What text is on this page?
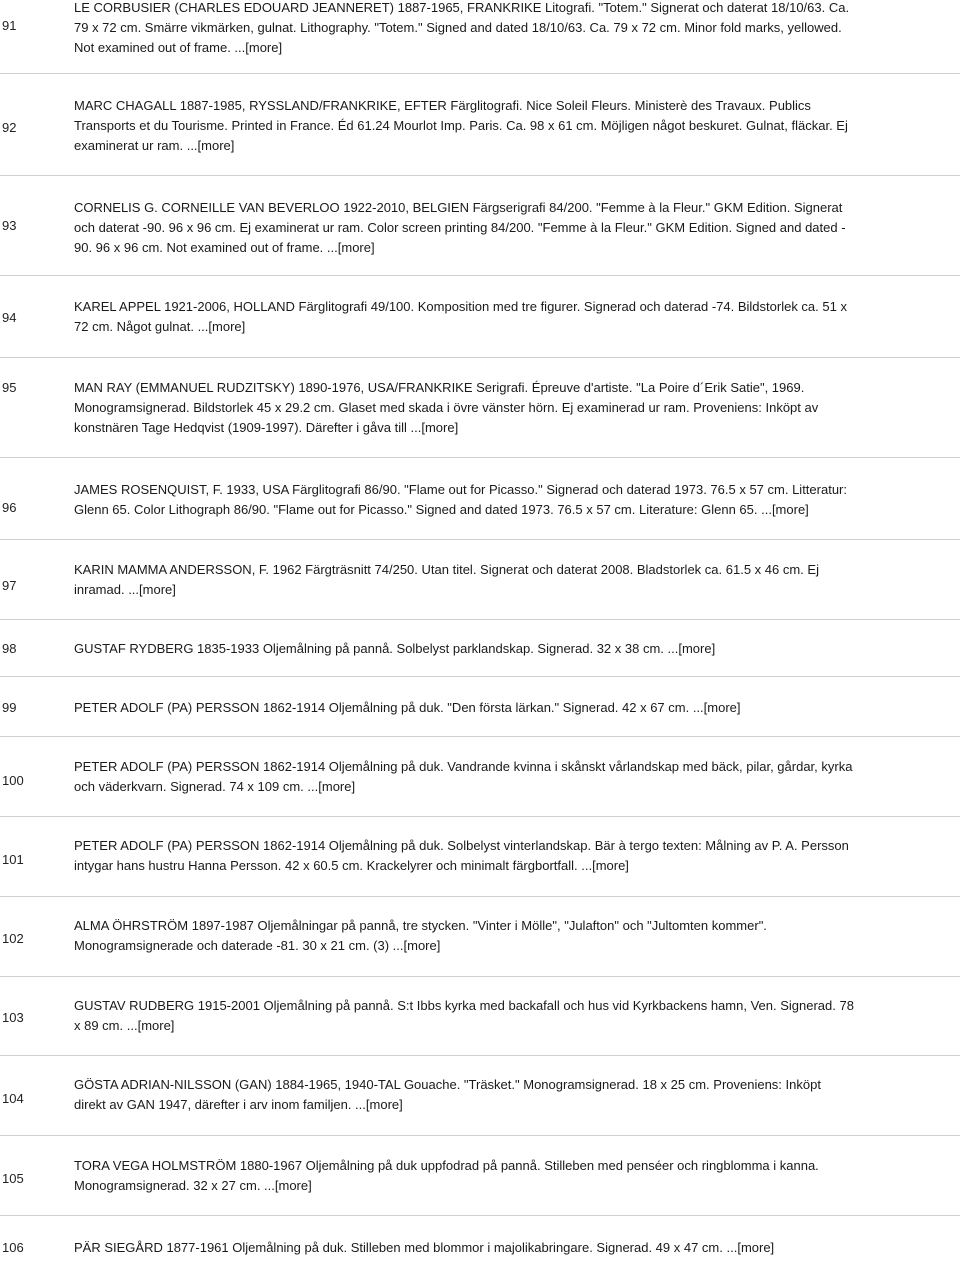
91
LE CORBUSIER (CHARLES EDOUARD JEANNERET) 1887-1965, FRANKRIKE Litografi. "Totem." Signerat och daterat 18/10/63. Ca.
79 x 72 cm. Smärre vikmärken, gulnat. Lithography. "Totem." Signed and dated 18/10/63. Ca. 79 x 72 cm. Minor fold marks, yellowed.
Not examined out of frame. ...[more]
92
MARC CHAGALL 1887-1985, RYSSLAND/FRANKRIKE, EFTER Färglitografi. Nice Soleil Fleurs. Ministerè des Travaux. Publics
Transports et du Tourisme. Printed in France. Éd 61.24 Mourlot Imp. Paris. Ca. 98 x 61 cm. Möjligen något beskuret. Gulnat, fläckar. Ej
examinerat ur ram. ...[more]
93
CORNELIS G. CORNEILLE VAN BEVERLOO 1922-2010, BELGIEN Färgserigrafi 84/200. "Femme à la Fleur." GKM Edition. Signerat
och daterat -90. 96 x 96 cm. Ej examinerat ur ram. Color screen printing 84/200. "Femme à la Fleur." GKM Edition. Signed and dated -
90. 96 x 96 cm. Not examined out of frame. ...[more]
94
KAREL APPEL 1921-2006, HOLLAND Färglitografi 49/100. Komposition med tre figurer. Signerad och daterad -74. Bildstorlek ca. 51 x
72 cm. Något gulnat. ...[more]
95	MAN RAY (EMMANUEL RUDZITSKY) 1890-1976, USA/FRANKRIKE Serigrafi. Épreuve d'artiste. "La Poire d´Erik Satie", 1969.
Monogramsignerad. Bildstorlek 45 x 29.2 cm. Glaset med skada i övre vänster hörn. Ej examinerad ur ram. Proveniens: Inköpt av
konstnären Tage Hedqvist (1909-1997). Därefter i gåva till ...[more]
96
JAMES ROSENQUIST, F. 1933, USA Färglitografi 86/90. "Flame out for Picasso." Signerad och daterad 1973. 76.5 x 57 cm. Litteratur:
Glenn 65. Color Lithograph 86/90. "Flame out for Picasso." Signed and dated 1973. 76.5 x 57 cm. Literature: Glenn 65. ...[more]
97
KARIN MAMMA ANDERSSON, F. 1962 Färgträsnitt 74/250. Utan titel. Signerat och daterat 2008. Bladstorlek ca. 61.5 x 46 cm. Ej
inramad. ...[more]
98	GUSTAF RYDBERG 1835-1933 Oljemålning på pannå. Solbelyst parklandskap. Signerad. 32 x 38 cm. ...[more]
99	PETER ADOLF (PA) PERSSON 1862-1914 Oljemålning på duk. "Den första lärkan." Signerad. 42 x 67 cm. ...[more]
100
PETER ADOLF (PA) PERSSON 1862-1914 Oljemålning på duk. Vandrande kvinna i skånskt vårlandskap med bäck, pilar, gårdar, kyrka
och väderkvarn. Signerad. 74 x 109 cm. ...[more]
101
PETER ADOLF (PA) PERSSON 1862-1914 Oljemålning på duk. Solbelyst vinterlandskap. Bär à tergo texten: Målning av P. A. Persson
intygar hans hustru Hanna Persson. 42 x 60.5 cm. Krackelyrer och minimalt färgbortfall. ...[more]
102
ALMA ÖHRSTRÖM 1897-1987 Oljemålningar på pannå, tre stycken. "Vinter i Mölle", "Julafton" och "Jultomten kommer".
Monogramsignerade och daterade -81. 30 x 21 cm. (3) ...[more]
103
GUSTAV RUDBERG 1915-2001 Oljemålning på pannå. S:t Ibbs kyrka med backafall och hus vid Kyrkbackens hamn, Ven. Signerad. 78
x 89 cm. ...[more]
104
GÖSTA ADRIAN-NILSSON (GAN) 1884-1965, 1940-TAL Gouache. "Träsket." Monogramsignerad. 18 x 25 cm. Proveniens: Inköpt
direkt av GAN 1947, därefter i arv inom familjen. ...[more]
105
TORA VEGA HOLMSTRÖM 1880-1967 Oljemålning på duk uppfodrad på pannå. Stilleben med penséer och ringblomma i kanna.
Monogramsignerad. 32 x 27 cm. ...[more]
106	PÄR SIEGÅRD 1877-1961 Oljemålning på duk. Stilleben med blommor i majolikabringare. Signerad. 49 x 47 cm. ...[more]
